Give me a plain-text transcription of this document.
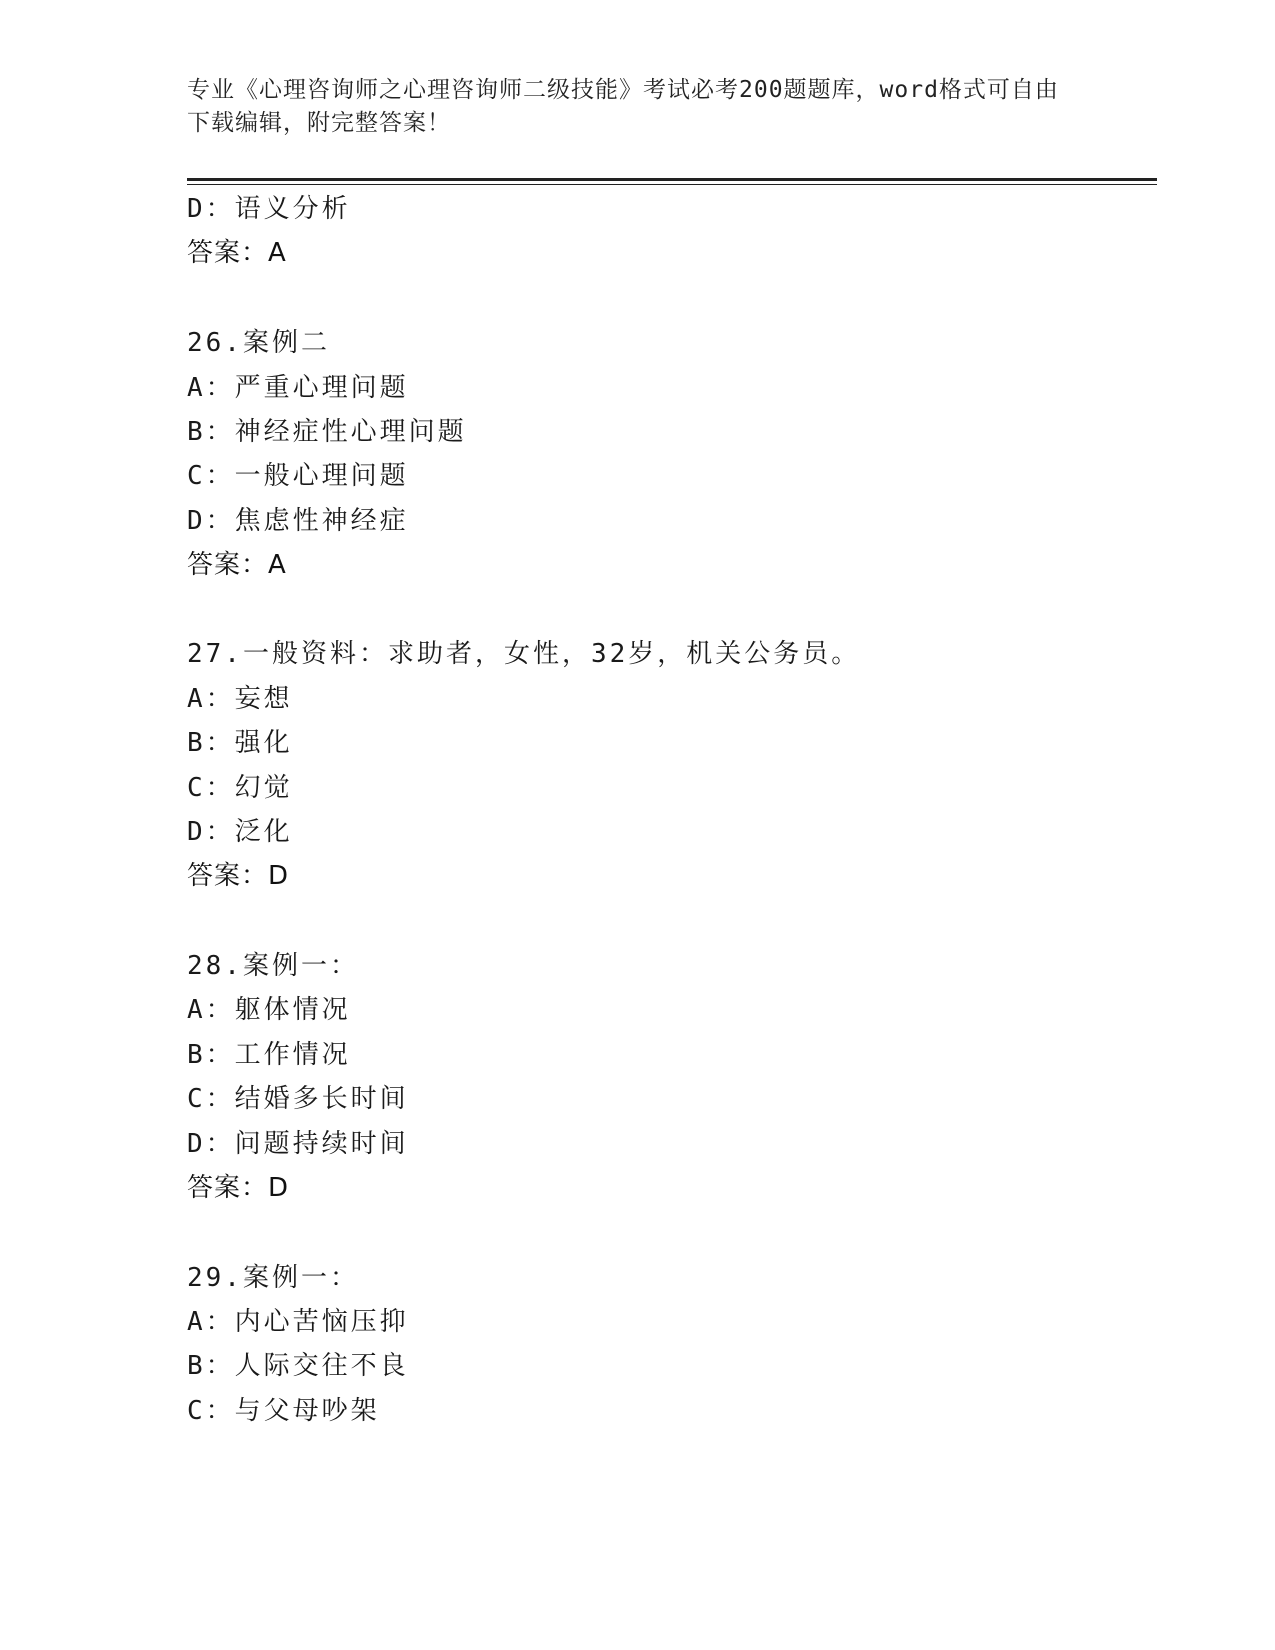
专业《心理咨询师之心理咨询师二级技能》考试必考200题题库，word格式可自由下载编辑，附完整答案！
D：语义分析
答案：A
26.案例二
A：严重心理问题
B：神经症性心理问题
C：一般心理问题
D：焦虑性神经症
答案：A
27.一般资料：求助者，女性，32岁，机关公务员。
A：妄想
B：强化
C：幻觉
D：泛化
答案：D
28.案例一：
A：躯体情况
B：工作情况
C：结婚多长时间
D：问题持续时间
答案：D
29.案例一：
A：内心苦恼压抑
B：人际交往不良
C：与父母吵架
